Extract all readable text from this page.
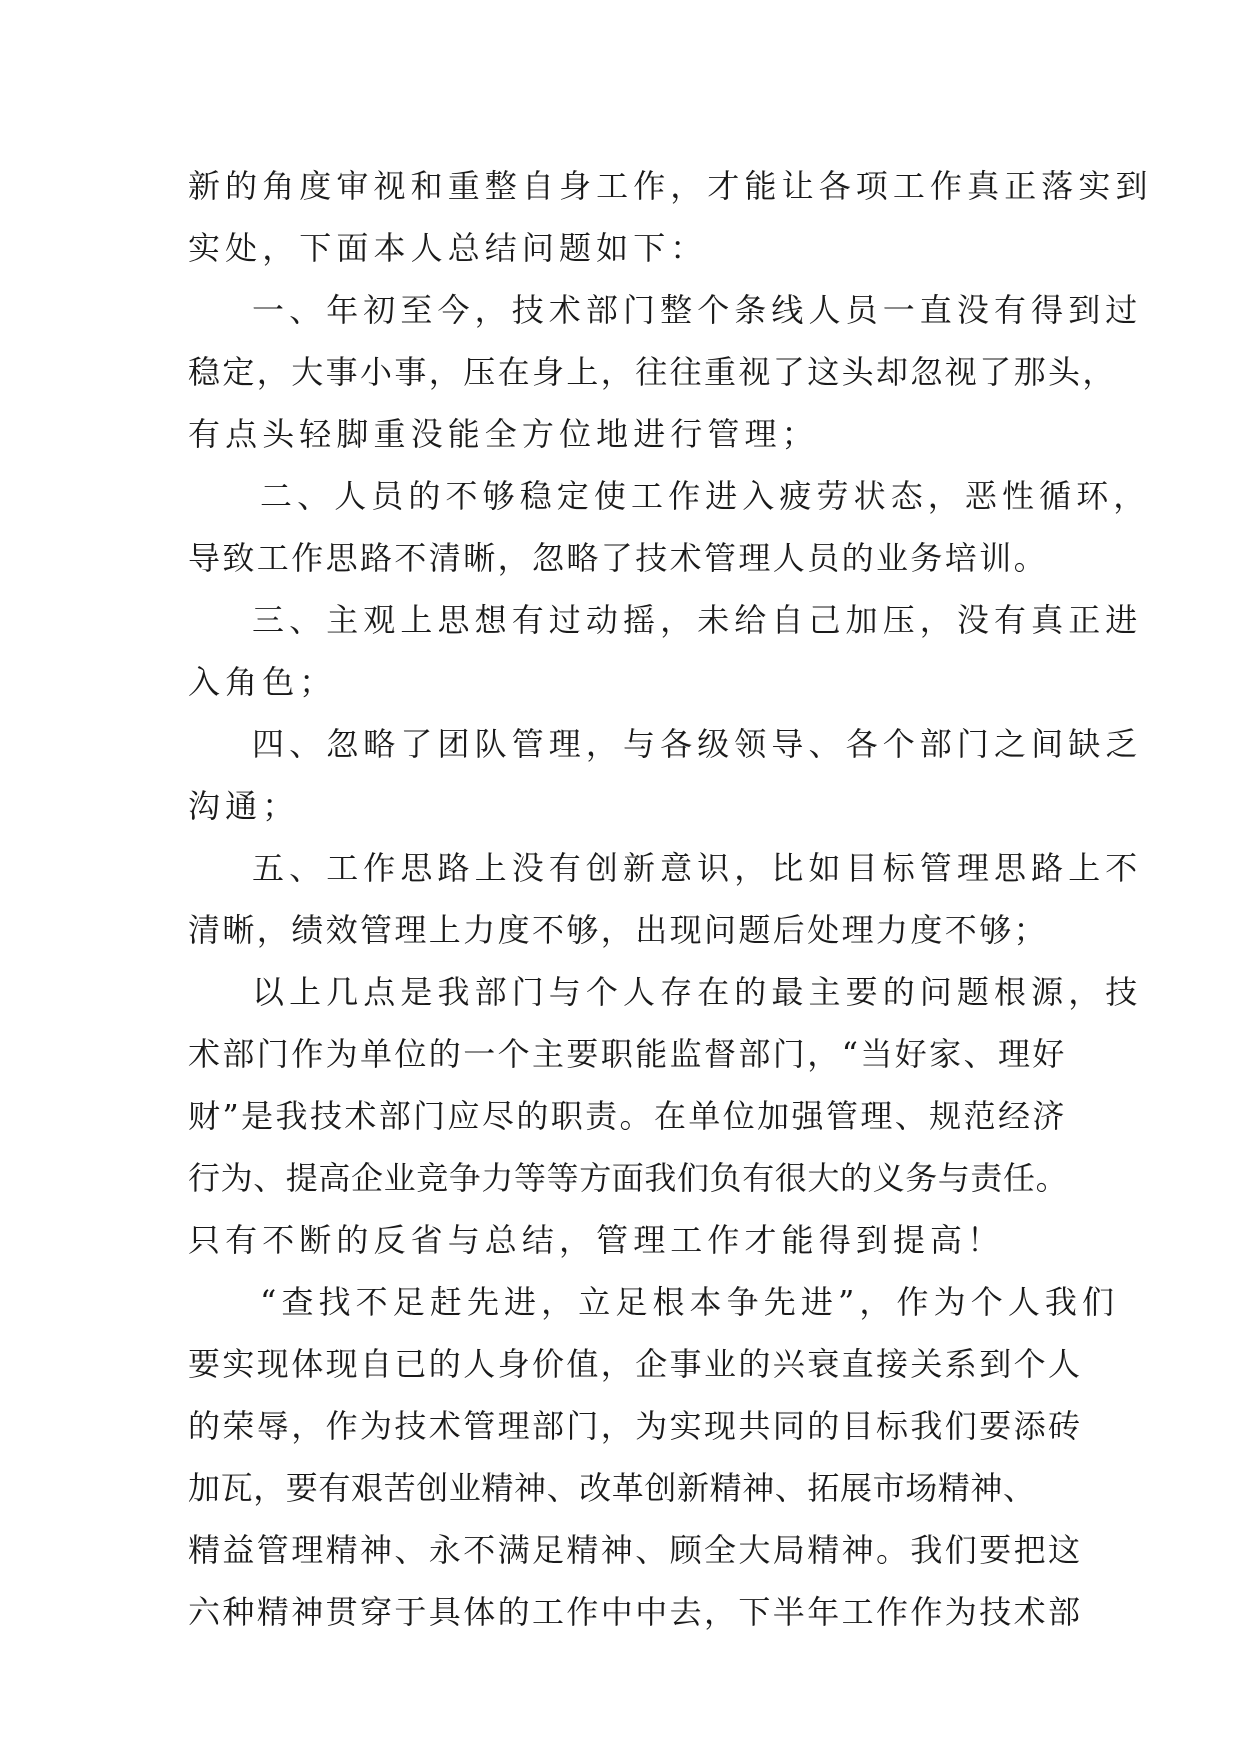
新的角度审视和重整自身工作，才能让各项工作真正落实到
实处，下面本人总结问题如下：
一、年初至今，技术部门整个条线人员一直没有得到过
稳定，大事小事，压在身上，往往重视了这头却忽视了那头，
有点头轻脚重没能全方位地进行管理；
二、人员的不够稳定使工作进入疲劳状态，恶性循环，
导致工作思路不清晰，忽略了技术管理人员的业务培训。
三、主观上思想有过动摇，未给自己加压，没有真正进
入角色；
四、忽略了团队管理，与各级领导、各个部门之间缺乏
沟通；
五、工作思路上没有创新意识，比如目标管理思路上不
清晰，绩效管理上力度不够，出现问题后处理力度不够；
以上几点是我部门与个人存在的最主要的问题根源，技
术部门作为单位的一个主要职能监督部门，“当好家、理好
财”是我技术部门应尽的职责。在单位加强管理、规范经济
行为、提高企业竞争力等等方面我们负有很大的义务与责任。
只有不断的反省与总结，管理工作才能得到提高！
“查找不足赶先进，立足根本争先进”，作为个人我们
要实现体现自已的人身价值，企事业的兴衰直接关系到个人
的荣辱，作为技术管理部门，为实现共同的目标我们要添砖
加瓦，要有艰苦创业精神、改革创新精神、拓展市场精神、
精益管理精神、永不满足精神、顾全大局精神。我们要把这
六种精神贯穿于具体的工作中中去，下半年工作作为技术部
